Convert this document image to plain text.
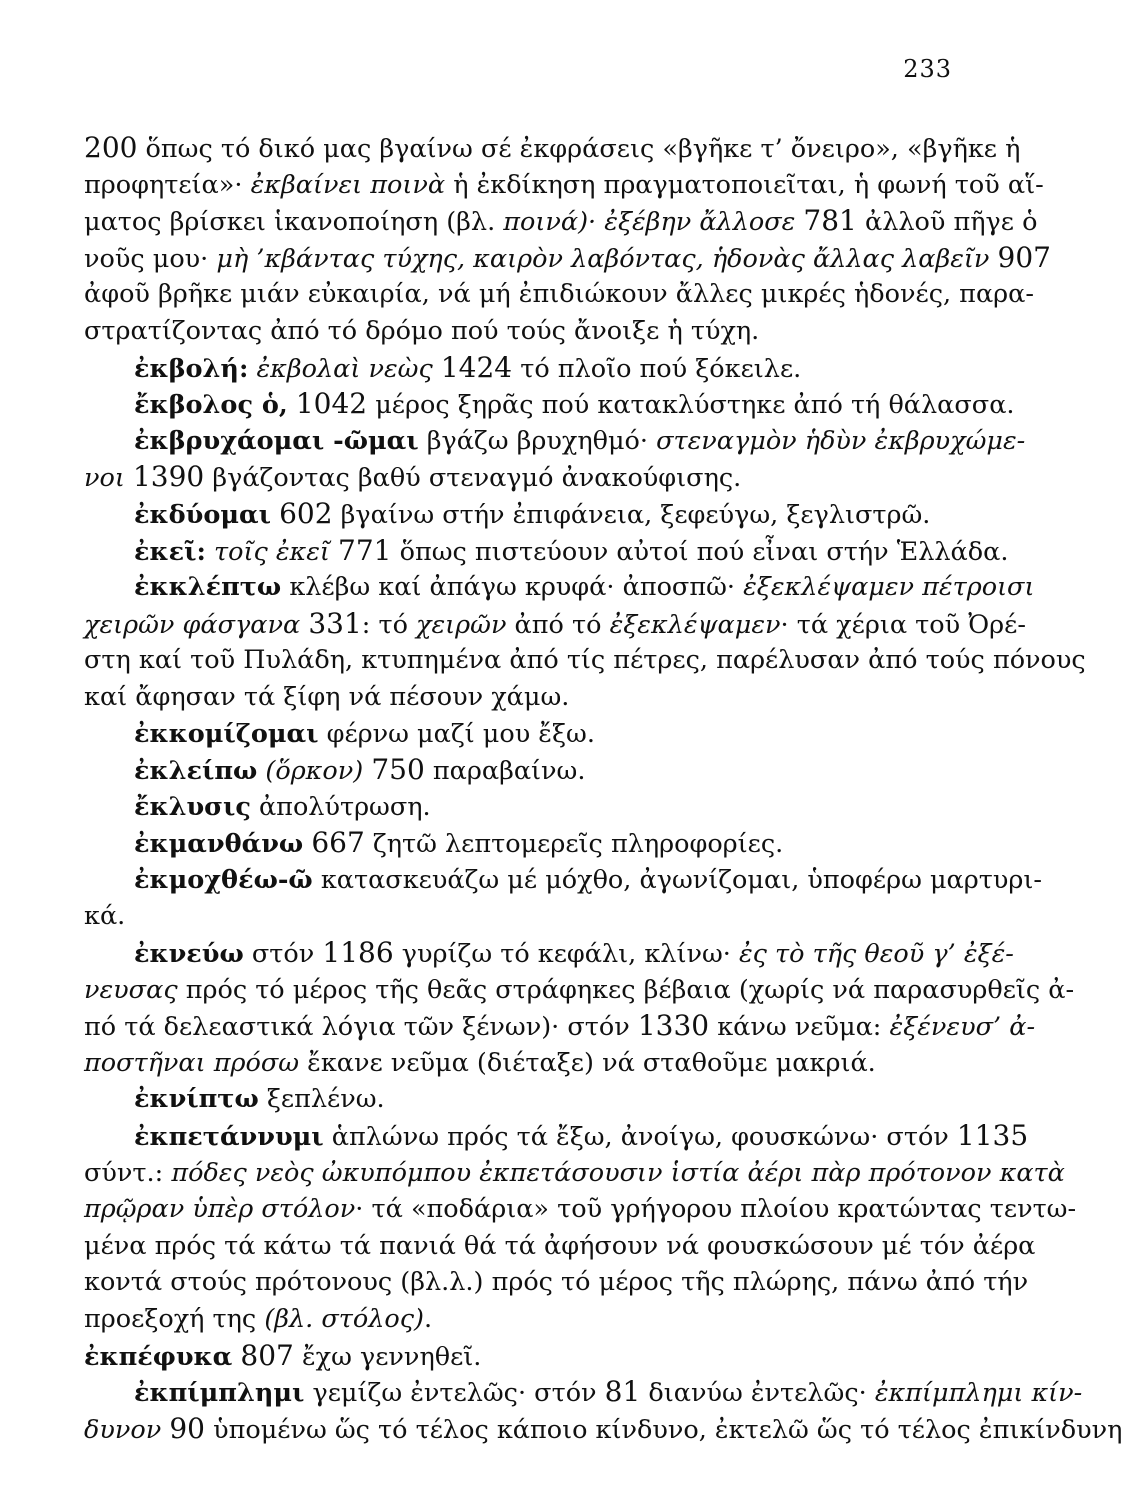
233
200 ὅπως τό δικό μας βγαίνω σέ ἐκφράσεις «βγῆκε τ’ ὄνειρο», «βγῆκε ἡ
προφητεία»· ἐκβαίνει ποινὰ ἡ ἐκδίκηση πραγματοποιεῖται, ἡ φωνή τοῦ αἵ-
ματος βρίσκει ἱκανοποίηση (βλ. ποινά)· ἐξέβην ἄλλοσε 781 ἀλλοῦ πῆγε ὁ
νοῦς μου· μὴ ’κβάντας τύχης, καιρὸν λαβόντας, ἡδονὰς ἄλλας λαβεῖν 907
ἀφοῦ βρῆκε μιάν εὐκαιρία, νά μή ἐπιδιώκουν ἄλλες μικρές ἡδονές, παρα-
στρατίζοντας ἀπό τό δρόμο πού τούς ἄνοιξε ἡ τύχη.
ἐκβολή: ἐκβολαὶ νεὼς 1424 τό πλοῖο πού ξόκειλε.
ἔκβολος ὁ, 1042 μέρος ξηρᾶς πού κατακλύστηκε ἀπό τή θάλασσα.
ἐκβρυχάομαι -ῶμαι βγάζω βρυχηθμό· στεναγμὸν ἡδὺν ἐκβρυχώμε-
νοι 1390 βγάζοντας βαθύ στεναγμό ἀνακούφισης.
ἐκδύομαι 602 βγαίνω στήν ἐπιφάνεια, ξεφεύγω, ξεγλιστρῶ.
ἐκεῖ: τοῖς ἐκεῖ 771 ὅπως πιστεύουν αὐτοί πού εἶναι στήν Ἑλλάδα.
ἐκκλέπτω κλέβω καί ἀπάγω κρυφά· ἀποσπῶ· ἐξεκλέψαμεν πέτροισι
χειρῶν φάσγανα 331: τό χειρῶν ἀπό τό ἐξεκλέψαμεν· τά χέρια τοῦ Ὀρέ-
στη καί τοῦ Πυλάδη, κτυπημένα ἀπό τίς πέτρες, παρέλυσαν ἀπό τούς πόνους
καί ἄφησαν τά ξίφη νά πέσουν χάμω.
ἐκκομίζομαι φέρνω μαζί μου ἔξω.
ἐκλείπω (ὅρκον) 750 παραβαίνω.
ἔκλυσις ἀπολύτρωση.
ἐκμανθάνω 667 ζητῶ λεπτομερεῖς πληροφορίες.
ἐκμοχθέω-ῶ κατασκευάζω μέ μόχθο, ἀγωνίζομαι, ὑποφέρω μαρτυρι-
κά.
ἐκνεύω στόν 1186 γυρίζω τό κεφάλι, κλίνω· ἐς τὸ τῆς θεοῦ γ’ ἐξέ-
νευσας πρός τό μέρος τῆς θεᾶς στράφηκες βέβαια (χωρίς νά παρασυρθεῖς ἀ-
πό τά δελεαστικά λόγια τῶν ξένων)· στόν 1330 κάνω νεῦμα: ἐξένευσ’ ἀ-
ποστῆναι πρόσω ἔκανε νεῦμα (διέταξε) νά σταθοῦμε μακριά.
ἐκνίπτω ξεπλένω.
ἐκπετάννυμι ἁπλώνω πρός τά ἔξω, ἀνοίγω, φουσκώνω· στόν 1135
σύντ.: πόδες νεὸς ὠκυπόμπου ἐκπετάσουσιν ἱστία ἀέρι πὰρ πρότονον κατὰ
πρῷραν ὑπὲρ στόλον· τά «ποδάρια» τοῦ γρήγορου πλοίου κρατώντας τεντω-
μένα πρός τά κάτω τά πανιά θά τά ἀφήσουν νά φουσκώσουν μέ τόν ἀέρα
κοντά στούς πρότονους (βλ.λ.) πρός τό μέρος τῆς πλώρης, πάνω ἀπό τήν
προεξοχή της (βλ. στόλος).
ἐκπέφυκα 807 ἔχω γεννηθεῖ.
ἐκπίμπλημι γεμίζω ἐντελῶς· στόν 81 διανύω ἐντελῶς· ἐκπίμπλημι κίν-
δυνον 90 ὑπομένω ὥς τό τέλος κάποιο κίνδυνο, ἐκτελῶ ὥς τό τέλος ἐπικίνδυνη
